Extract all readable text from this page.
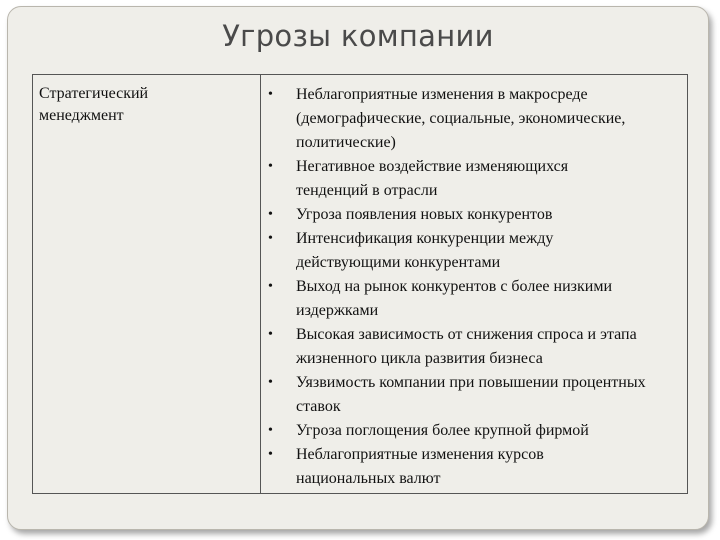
Угрозы компании
Стратегический менеджмент

• Неблагоприятные изменения в макросреде (демографические, социальные, экономические, политические)
• Негативное воздействие изменяющихся тенденций в отрасли
• Угроза появления новых конкурентов
• Интенсификация конкуренции между действующими конкурентами
• Выход на рынок конкурентов с более низкими издержками
• Высокая зависимость от снижения спроса и этапа жизненного цикла развития бизнеса
• Уязвимость компании при повышении процентных ставок
• Угроза поглощения более крупной фирмой
• Неблагоприятные изменения курсов национальных валют
